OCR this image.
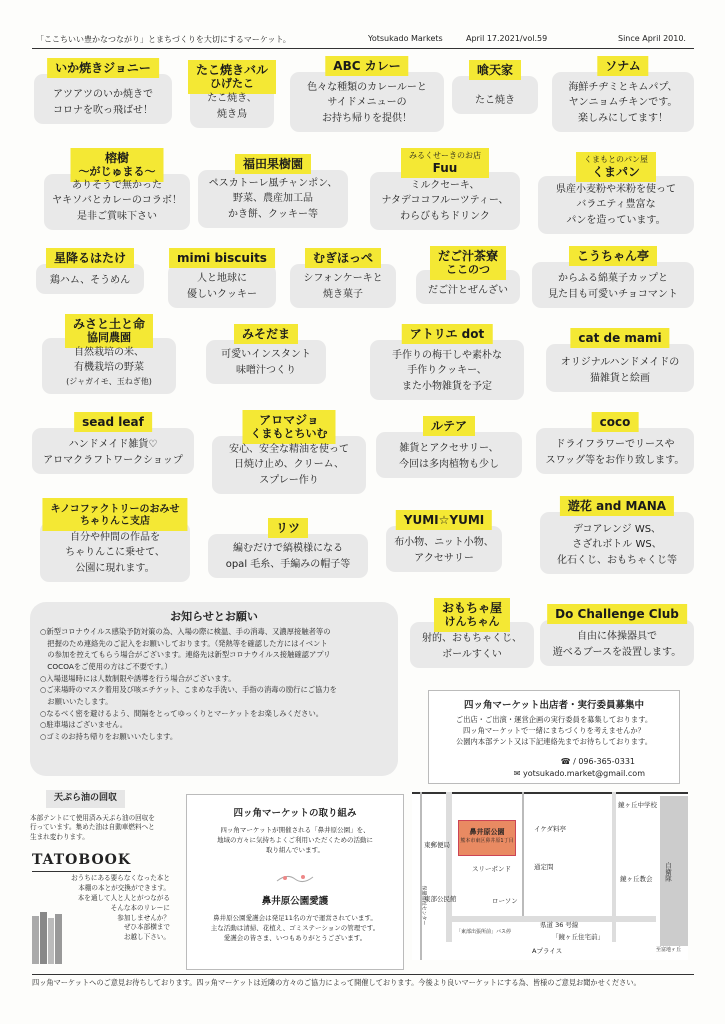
「ここちいい豊かなつながり」とまちづくりを大切にするマーケット。	Yotsukado Markets	April 17.2021/vol.59	Since April 2010.
いか焼きジョニー
アツアツのいか焼きで
コロナを吹っ飛ばせ！
たこ焼きバル
ひげたこ
たこ焼き、
焼き鳥
ABC カレー
色々な種類のカレールーと
サイドメニューの
お持ち帰りを提供！
喰天家
たこ焼き
ソナム
海鮮チヂミとキムパプ、
ヤンニョムチキンです。
楽しみにしてます！
榕樹
〜がじゅまる〜
ありそうで無かった
ヤキソバとカレーのコラボ！
是非ご賞味下さい
福田果樹園
ペスカトーレ風チャンポン、
野菜、農産加工品
かき餅、クッキー等
みるくせーきのお店
Fuu
ミルクセーキ、
ナタデココフルーツティー、
わらびもちドリンク
くまもとのパン屋
くまパン
県産小麦粉や米粉を使って
バラエティ豊富な
パンを造っています。
星降るはたけ
鶏ハム、そうめん
mimi biscuits
人と地球に
優しいクッキー
むぎほっぺ
シフォンケーキと
焼き菓子
だご汁茶寮
ここのつ
だご汁とぜんざい
こうちゃん亭
からふる綿菓子カップと
見た目も可愛いチョコマント
みさと土と命
協同農園
自然栽培の米、
有機栽培の野菜
(ジャガイモ、玉ねぎ他)
みそだま
可愛いインスタント
味噌汁つくり
アトリエ dot
手作りの梅干しや素朴な
手作りクッキー、
また小物雑貨を予定
cat de mami
オリジナルハンドメイドの
猫雑貨と絵画
sead leaf
ハンドメイド雑貨♡
アロマクラフトワークショップ
アロマジョ
くまもとちいむ
安心、安全な精油を使って
日焼け止め、クリーム、
スプレー作り
ルテア
雑貨とアクセサリー、
今回は多肉植物も少し
coco
ドライフラワーでリースや
スワッグ等をお作り致します。
キノコファクトリーのおみせ
ちゃりんこ支店
自分や仲間の作品を
ちゃりんこに乗せて、
公園に現れます。
リツ
編むだけで縞模様になる
opal 毛糸、手編みの帽子等
YUMI☆YUMI
布小物、ニット小物、
アクセサリー
遊花 and MANA
デコアレンジ WS、
さざれボトル WS、
化石くじ、おもちゃくじ等
おもちゃ屋
けんちゃん
射的、おもちゃくじ、
ボールすくい
Do Challenge Club
自由に体操器具で
遊べるブースを設置します。
お知らせとお願い
○新型コロナウイルス感染予防対策の為、入場の際に検温、手の消毒、又濃厚接触者等の
　把握のため連絡先のご記入をお願いしております。（発熱等を確認した方にはイベント
　の参加を控えてもらう場合がございます。連絡先は新型コロナウイルス接触確認アプリ
　COCOAをご使用の方はご不要です。）
○入場退場時には人数制限や誘導を行う場合がございます。
○ご来場時のマスク着用及び咳エチケット、こまめな手洗い、手指の消毒の励行にご協力を
　お願いいたします。
○なるべく密を避けるよう、間隔をとってゆっくりとマーケットをお楽しみください。
○駐車場はございません。
○ゴミのお持ち帰りをお願いいたします。
四ッ角マーケット出店者・実行委員募集中
ご出店・ご出演・運営企画の実行委員を募集しております。
四ッ角マーケットで一緒にまちづくりを考えませんか？
公園内本部テント又は下記連絡先までお待ちしております。
☎ / 096-365-0331
✉ yotsukado.market@gmail.com
天ぷら油の回収
本部テントにて使用済み天ぷら油の回収を
行っています。集めた油は自動車燃料へと
生まれ変わります。
TATOBOOK
おうちにある要らなくなった本と
本棚の本とが交換ができます。
本を通して人と人とがつながる
そんな本のリレーに
参加しませんか？
ぜひ本部横まで
お越し下さい。
四ッ角マーケットの取り組み
四ッ角マーケットが開催される「鼻井原公園」を、
地域の方々に気持ちよくご利用いただくための活動に
取り組んでいます。
鼻井原公園愛護
鼻井原公園愛護会は発足11名の方で運営されています。
主な活動は清掃、花植え、ゴミステーションの管理です。
愛護会の皆さま、いつもありがとうございます。
鼻井原公園
熊本市東区鼻井原1丁目
東郵便局
イケダ料亭
鏡ヶ丘中学校
スリーボンド	通定問
鏡ヶ丘教会
東部公民館	ローソン
県道 36 号線
「東部出張所前」バス停
Aプライス
「鏡ヶ丘住宅前」
保健福祉センター
自衛隊
至富地ヶ丘
四ッ角マーケットへのご意見お待ちしております。四ッ角マーケットは近隣の方々のご協力によって開催しております。今後より良いマーケットにする為、皆様のご意見お聞かせください。
